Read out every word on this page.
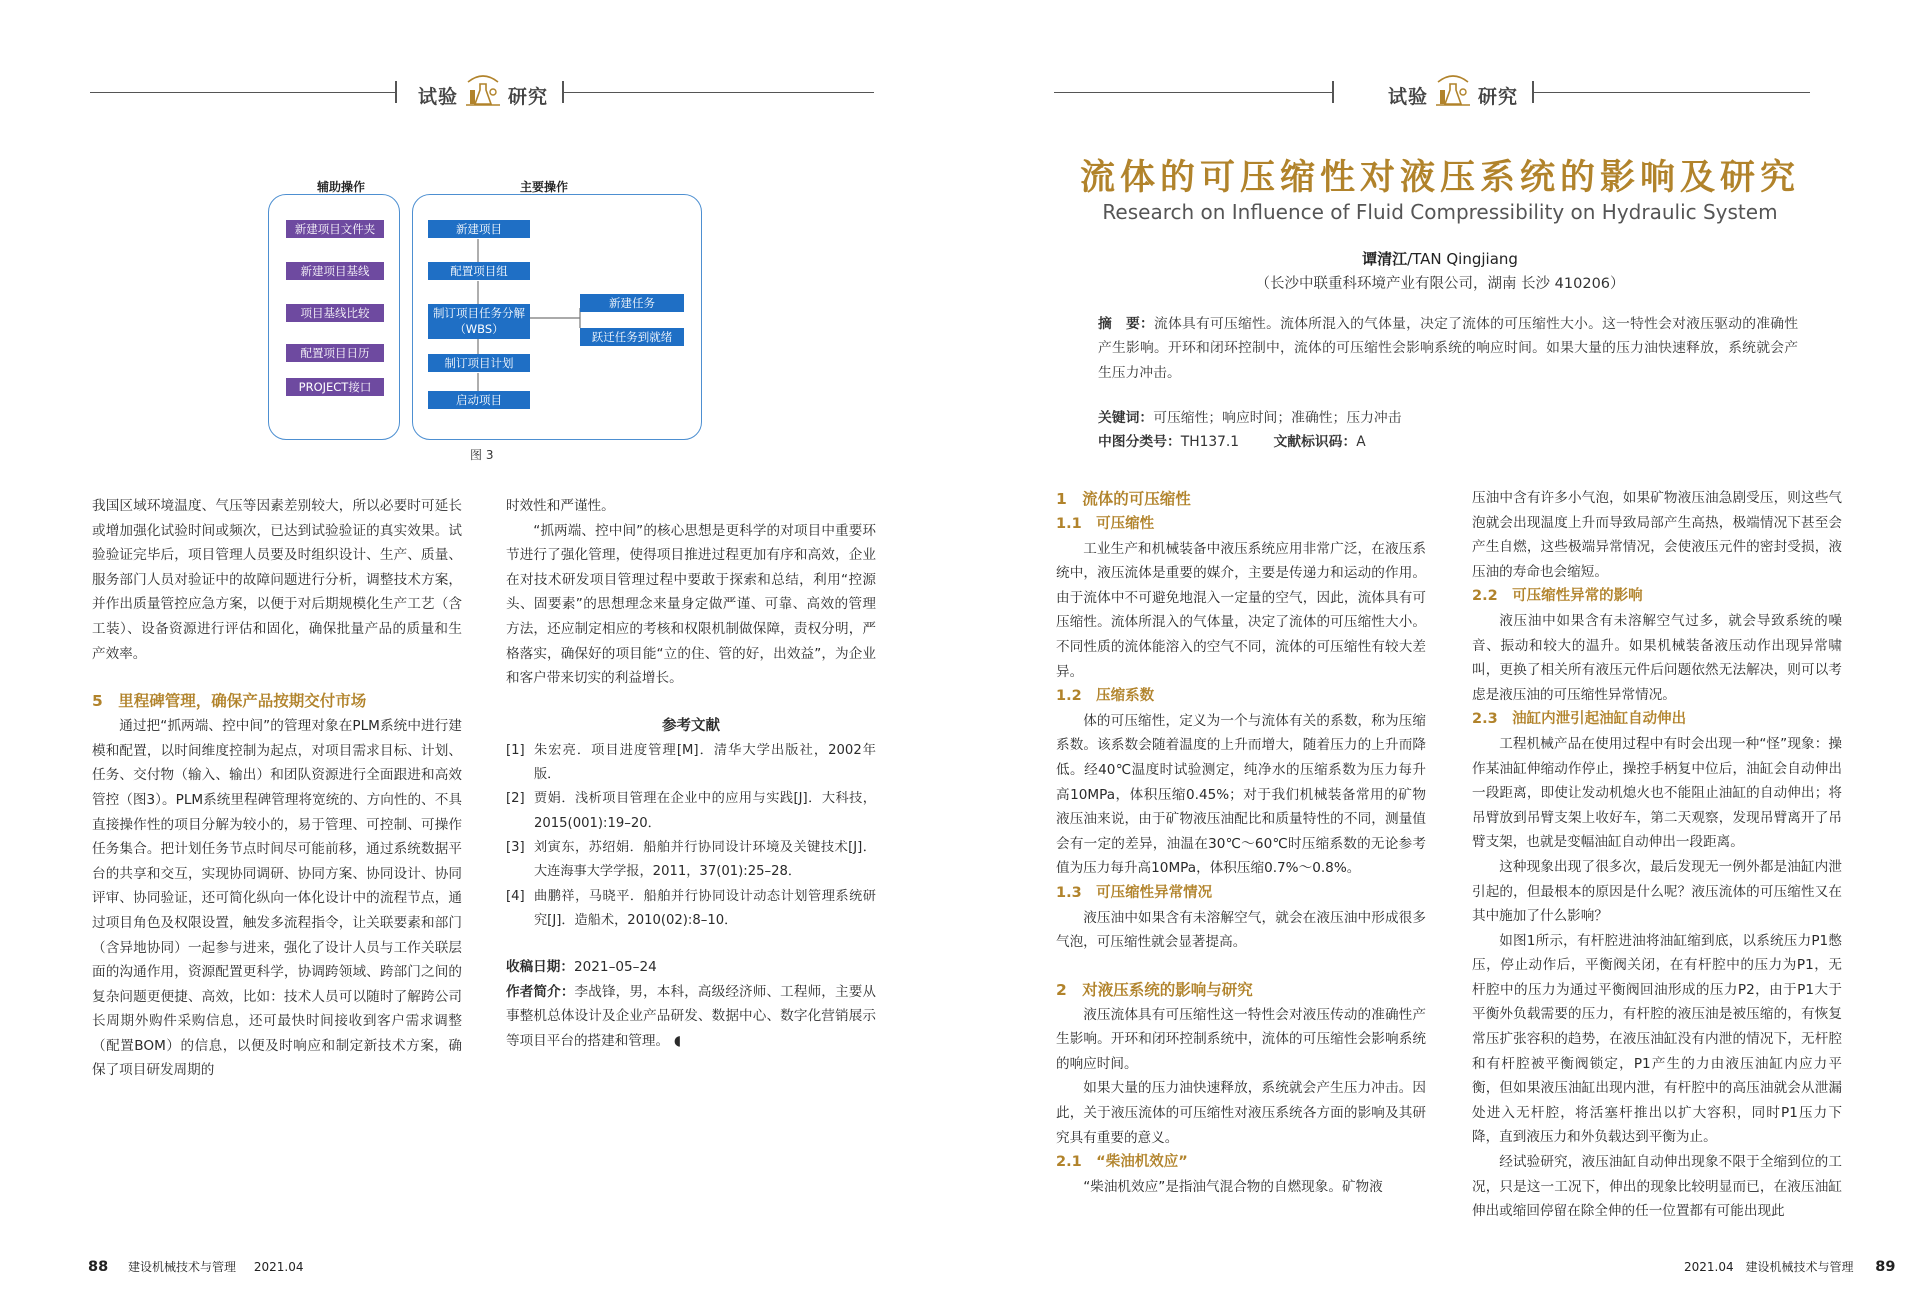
试验	研究
辅助操作	主要操作
新建项目文件夹
新建项目基线
项目基线比较
配置项目日历
PROJECT接口
新建项目
配置项目组
制订项目任务分解（WBS）
制订项目计划
启动项目
新建任务
跃迁任务到就绪
图 3

我国区域环境温度、气压等因素差别较大，所以必要时可延长或增加强化试验时间或频次，已达到试验验证的真实效果。试验验证完毕后，项目管理人员要及时组织设计、生产、质量、服务部门人员对验证中的故障问题进行分析，调整技术方案，并作出质量管控应急方案，以便于对后期规模化生产工艺（含工装）、设备资源进行评估和固化，确保批量产品的质量和生产效率。

5　里程碑管理，确保产品按期交付市场

通过把“抓两端、控中间”的管理对象在PLM系统中进行建模和配置，以时间维度控制为起点，对项目需求目标、计划、任务、交付物（输入、输出）和团队资源进行全面跟进和高效管控（图3）。PLM系统里程碑管理将宽统的、方向性的、不具直接操作性的项目分解为较小的，易于管理、可控制、可操作任务集合。把计划任务节点时间尽可能前移，通过系统数据平台的共享和交互，实现协同调研、协同方案、协同设计、协同评审、协同验证，还可简化纵向一体化设计中的流程节点，通过项目角色及权限设置，触发多流程指令，让关联要素和部门（含异地协同）一起参与进来，强化了设计人员与工作关联层面的沟通作用，资源配置更科学，协调跨领域、跨部门之间的复杂问题更便捷、高效，比如：技术人员可以随时了解跨公司长周期外购件采购信息，还可最快时间接收到客户需求调整（配置BOM）的信息，以便及时响应和制定新技术方案，确保了项目研发周期的

时效性和严谨性。

“抓两端、控中间”的核心思想是更科学的对项目中重要环节进行了强化管理，使得项目推进过程更加有序和高效，企业在对技术研发项目管理过程中要敢于探索和总结，利用“控源头、固要素”的思想理念来量身定做严谨、可靠、高效的管理方法，还应制定相应的考核和权限机制做保障，责权分明，严格落实，确保好的项目能“立的住、管的好，出效益”，为企业和客户带来切实的利益增长。

参考文献

[1] 朱宏亮．项目进度管理[M]．清华大学出版社，2002年版．
[2] 贾娟．浅析项目管理在企业中的应用与实践[J]．大科技，2015(001):19–20．
[3] 刘寅东，苏绍娟．船舶并行协同设计环境及关键技术[J]．大连海事大学学报，2011，37(01):25–28．
[4] 曲鹏祥，马晓平．船舶并行协同设计动态计划管理系统研究[J]．造船术，2010(02):8–10．

收稿日期：2021–05–24

作者简介：李战锋，男，本科，高级经济师、工程师，主要从事整机总体设计及企业产品研发、数据中心、数字化营销展示等项目平台的搭建和管理。 ◖

88 建设机械技术与管理 2021.04
试验	研究
流体的可压缩性对液压系统的影响及研究
Research on Influence of Fluid Compressibility on Hydraulic System
谭清江/TAN Qingjiang
（长沙中联重科环境产业有限公司，湖南 长沙 410206）
摘　要：流体具有可压缩性。流体所混入的气体量，决定了流体的可压缩性大小。这一特性会对液压驱动的准确性产生影响。开环和闭环控制中，流体的可压缩性会影响系统的响应时间。如果大量的压力油快速释放，系统就会产生压力冲击。

关键词：可压缩性；响应时间；准确性；压力冲击

中图分类号：TH137.1 文献标识码：A

1　流体的可压缩性

1.1　可压缩性

工业生产和机械装备中液压系统应用非常广泛，在液压系统中，液压流体是重要的媒介，主要是传递力和运动的作用。由于流体中不可避免地混入一定量的空气，因此，流体具有可压缩性。流体所混入的气体量，决定了流体的可压缩性大小。不同性质的流体能溶入的空气不同，流体的可压缩性有较大差异。

1.2　压缩系数

体的可压缩性，定义为一个与流体有关的系数，称为压缩系数。该系数会随着温度的上升而增大，随着压力的上升而降低。经40℃温度时试验测定，纯净水的压缩系数为压力每升高10MPa，体积压缩0.45%；对于我们机械装备常用的矿物液压油来说，由于矿物液压油配比和质量特性的不同，测量值会有一定的差异，油温在30℃～60℃时压缩系数的无论参考值为压力每升高10MPa，体积压缩0.7%～0.8%。

1.3　可压缩性异常情况

液压油中如果含有未溶解空气，就会在液压油中形成很多气泡，可压缩性就会显著提高。

2　对液压系统的影响与研究

液压流体具有可压缩性这一特性会对液压传动的准确性产生影响。开环和闭环控制系统中，流体的可压缩性会影响系统的响应时间。

如果大量的压力油快速释放，系统就会产生压力冲击。因此，关于液压流体的可压缩性对液压系统各方面的影响及其研究具有重要的意义。

2.1　“柴油机效应”

“柴油机效应”是指油气混合物的自燃现象。矿物液

压油中含有许多小气泡，如果矿物液压油急剧受压，则这些气泡就会出现温度上升而导致局部产生高热，极端情况下甚至会产生自燃，这些极端异常情况，会使液压元件的密封受损，液压油的寿命也会缩短。

2.2　可压缩性异常的影响

液压油中如果含有未溶解空气过多，就会导致系统的噪音、振动和较大的温升。如果机械装备液压动作出现异常啸叫，更换了相关所有液压元件后问题依然无法解决，则可以考虑是液压油的可压缩性异常情况。

2.3　油缸内泄引起油缸自动伸出

工程机械产品在使用过程中有时会出现一种“怪”现象：操作某油缸伸缩动作停止，操控手柄复中位后，油缸会自动伸出一段距离，即使让发动机熄火也不能阻止油缸的自动伸出；将吊臂放到吊臂支架上收好车，第二天观察，发现吊臂离开了吊臂支架，也就是变幅油缸自动伸出一段距离。

这种现象出现了很多次，最后发现无一例外都是油缸内泄引起的，但最根本的原因是什么呢？液压流体的可压缩性又在其中施加了什么影响？

如图1所示，有杆腔进油将油缸缩到底，以系统压力P1憋压，停止动作后，平衡阀关闭，在有杆腔中的压力为P1，无杆腔中的压力为通过平衡阀回油形成的压力P2，由于P1大于平衡外负载需要的压力，有杆腔的液压油是被压缩的，有恢复常压扩张容积的趋势，在液压油缸没有内泄的情况下，无杆腔和有杆腔被平衡阀锁定，P1产生的力由液压油缸内应力平衡，但如果液压油缸出现内泄，有杆腔中的高压油就会从泄漏处进入无杆腔，将活塞杆推出以扩大容积，同时P1压力下降，直到液压力和外负载达到平衡为止。

经试验研究，液压油缸自动伸出现象不限于全缩到位的工况，只是这一工况下，伸出的现象比较明显而已，在液压油缸伸出或缩回停留在除全伸的任一位置都有可能出现此

2021.04 建设机械技术与管理 89
